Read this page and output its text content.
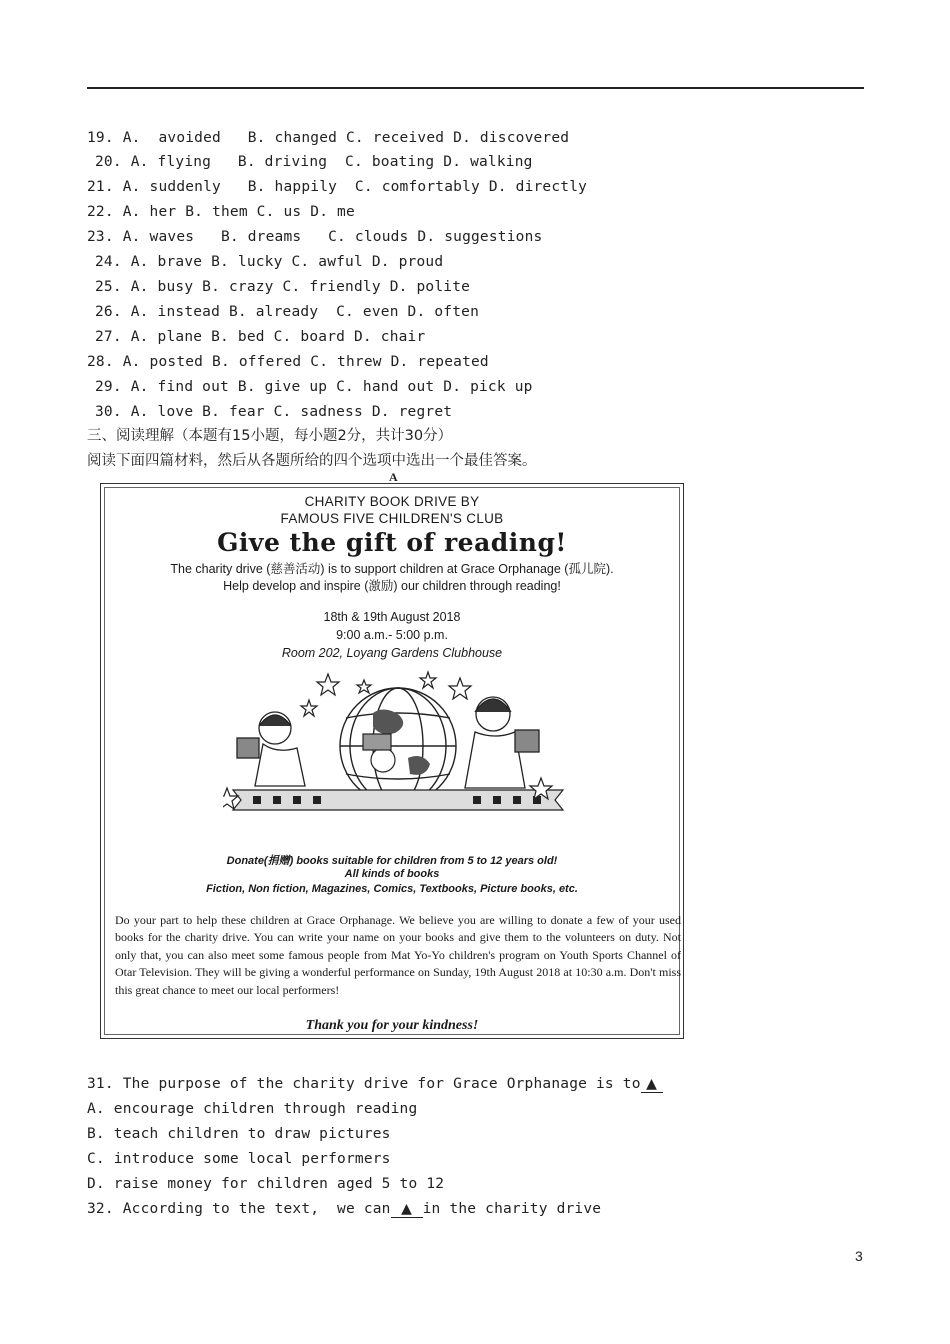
19. A.  avoided   B. changed C. received D. discovered
20. A. flying   B. driving  C. boating D. walking
21. A. suddenly   B. happily  C. comfortably D. directly
22. A. her B. them C. us D. me
23. A. waves   B. dreams   C. clouds D. suggestions
24. A. brave B. lucky C. awful D. proud
25. A. busy B. crazy C. friendly D. polite
26. A. instead B. already  C. even D. often
27. A. plane B. bed C. board D. chair
28. A. posted B. offered C. threw D. repeated
29. A. find out B. give up C. hand out D. pick up
30. A. love B. fear C. sadness D. regret
三、阅读理解（本题有15小题，每小题2分，共计30分）
阅读下面四篇材料，然后从各题所给的四个选项中选出一个最佳答案。
A
CHARITY BOOK DRIVE BY
FAMOUS FIVE CHILDREN'S CLUB
Give the gift of reading!
The charity drive (慈善活动) is to support children at Grace Orphanage (孤儿院).
Help develop and inspire (激励) our children through reading!
18th & 19th August 2018
9:00 a.m.- 5:00 p.m.
Room 202, Loyang Gardens Clubhouse
Donate(捐赠) books suitable for children from 5 to 12 years old!
All kinds of books
Fiction, Non fiction, Magazines, Comics, Textbooks, Picture books, etc.
Do your part to help these children at Grace Orphanage. We believe you are willing to donate a few of your used books for the charity drive. You can write your name on your books and give them to the volunteers on duty. Not only that, you can also meet some famous people from Mat Yo-Yo children's program on Youth Sports Channel of Otar Television. They will be giving a wonderful performance on Sunday, 19th August 2018 at 10:30 a.m. Don't miss this great chance to meet our local performers!
Thank you for your kindness!
31. The purpose of the charity drive for Grace Orphanage is to ▲
A. encourage children through reading
B. teach children to draw pictures
C. introduce some local performers
D. raise money for children aged 5 to 12
32. According to the text,  we can ▲ in the charity drive
3
